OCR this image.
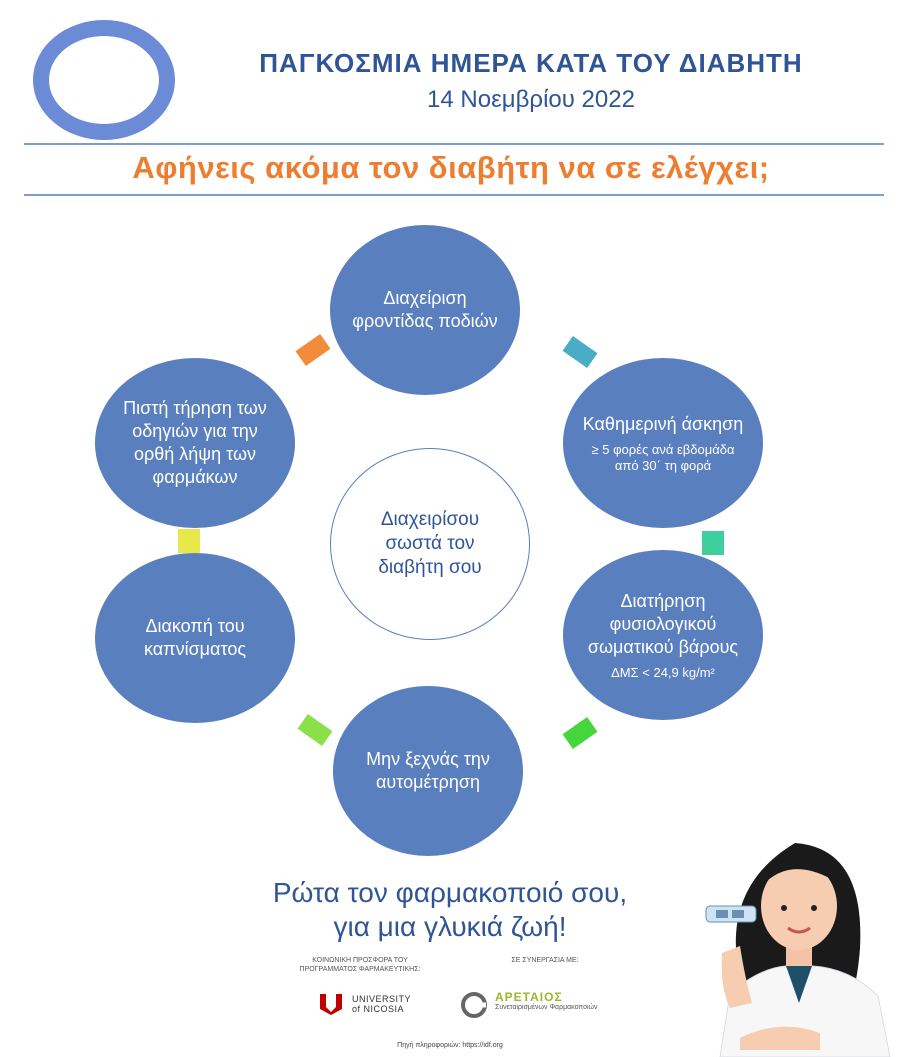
ΠΑΓΚΟΣΜΙΑ ΗΜΕΡΑ ΚΑΤΑ ΤΟΥ ΔΙΑΒΗΤΗ
14 Νοεμβρίου 2022
Αφήνεις ακόμα τον διαβήτη να σε ελέγχει;
Διαχείριση φροντίδας ποδιών
Καθημερινή άσκηση
≥ 5 φορές ανά εβδομάδα από 30΄ τη φορά
Διατήρηση φυσιολογικού σωματικού βάρους
ΔΜΣ < 24,9 kg/m²
Μην ξεχνάς την αυτομέτρηση
Διακοπή του καπνίσματος
Πιστή τήρηση των οδηγιών για την ορθή λήψη των φαρμάκων
Διαχειρίσου σωστά τον διαβήτη σου
Ρώτα τον φαρμακοποιό σου,
για μια γλυκιά ζωή!
ΚΟΙΝΩΝΙΚΗ ΠΡΟΣΦΟΡΑ ΤΟΥ ΠΡΟΓΡΑΜΜΑΤΟΣ ΦΑΡΜΑΚΕΥΤΙΚΗΣ:
ΣΕ ΣΥΝΕΡΓΑΣΙΑ ΜΕ:
UNIVERSITY
of NICOSIA
ΑΡΕΤΑΙΟΣ
Συνεταιρισμένων Φαρμακοποιών
Πηγή πληροφοριών: https://idf.org
